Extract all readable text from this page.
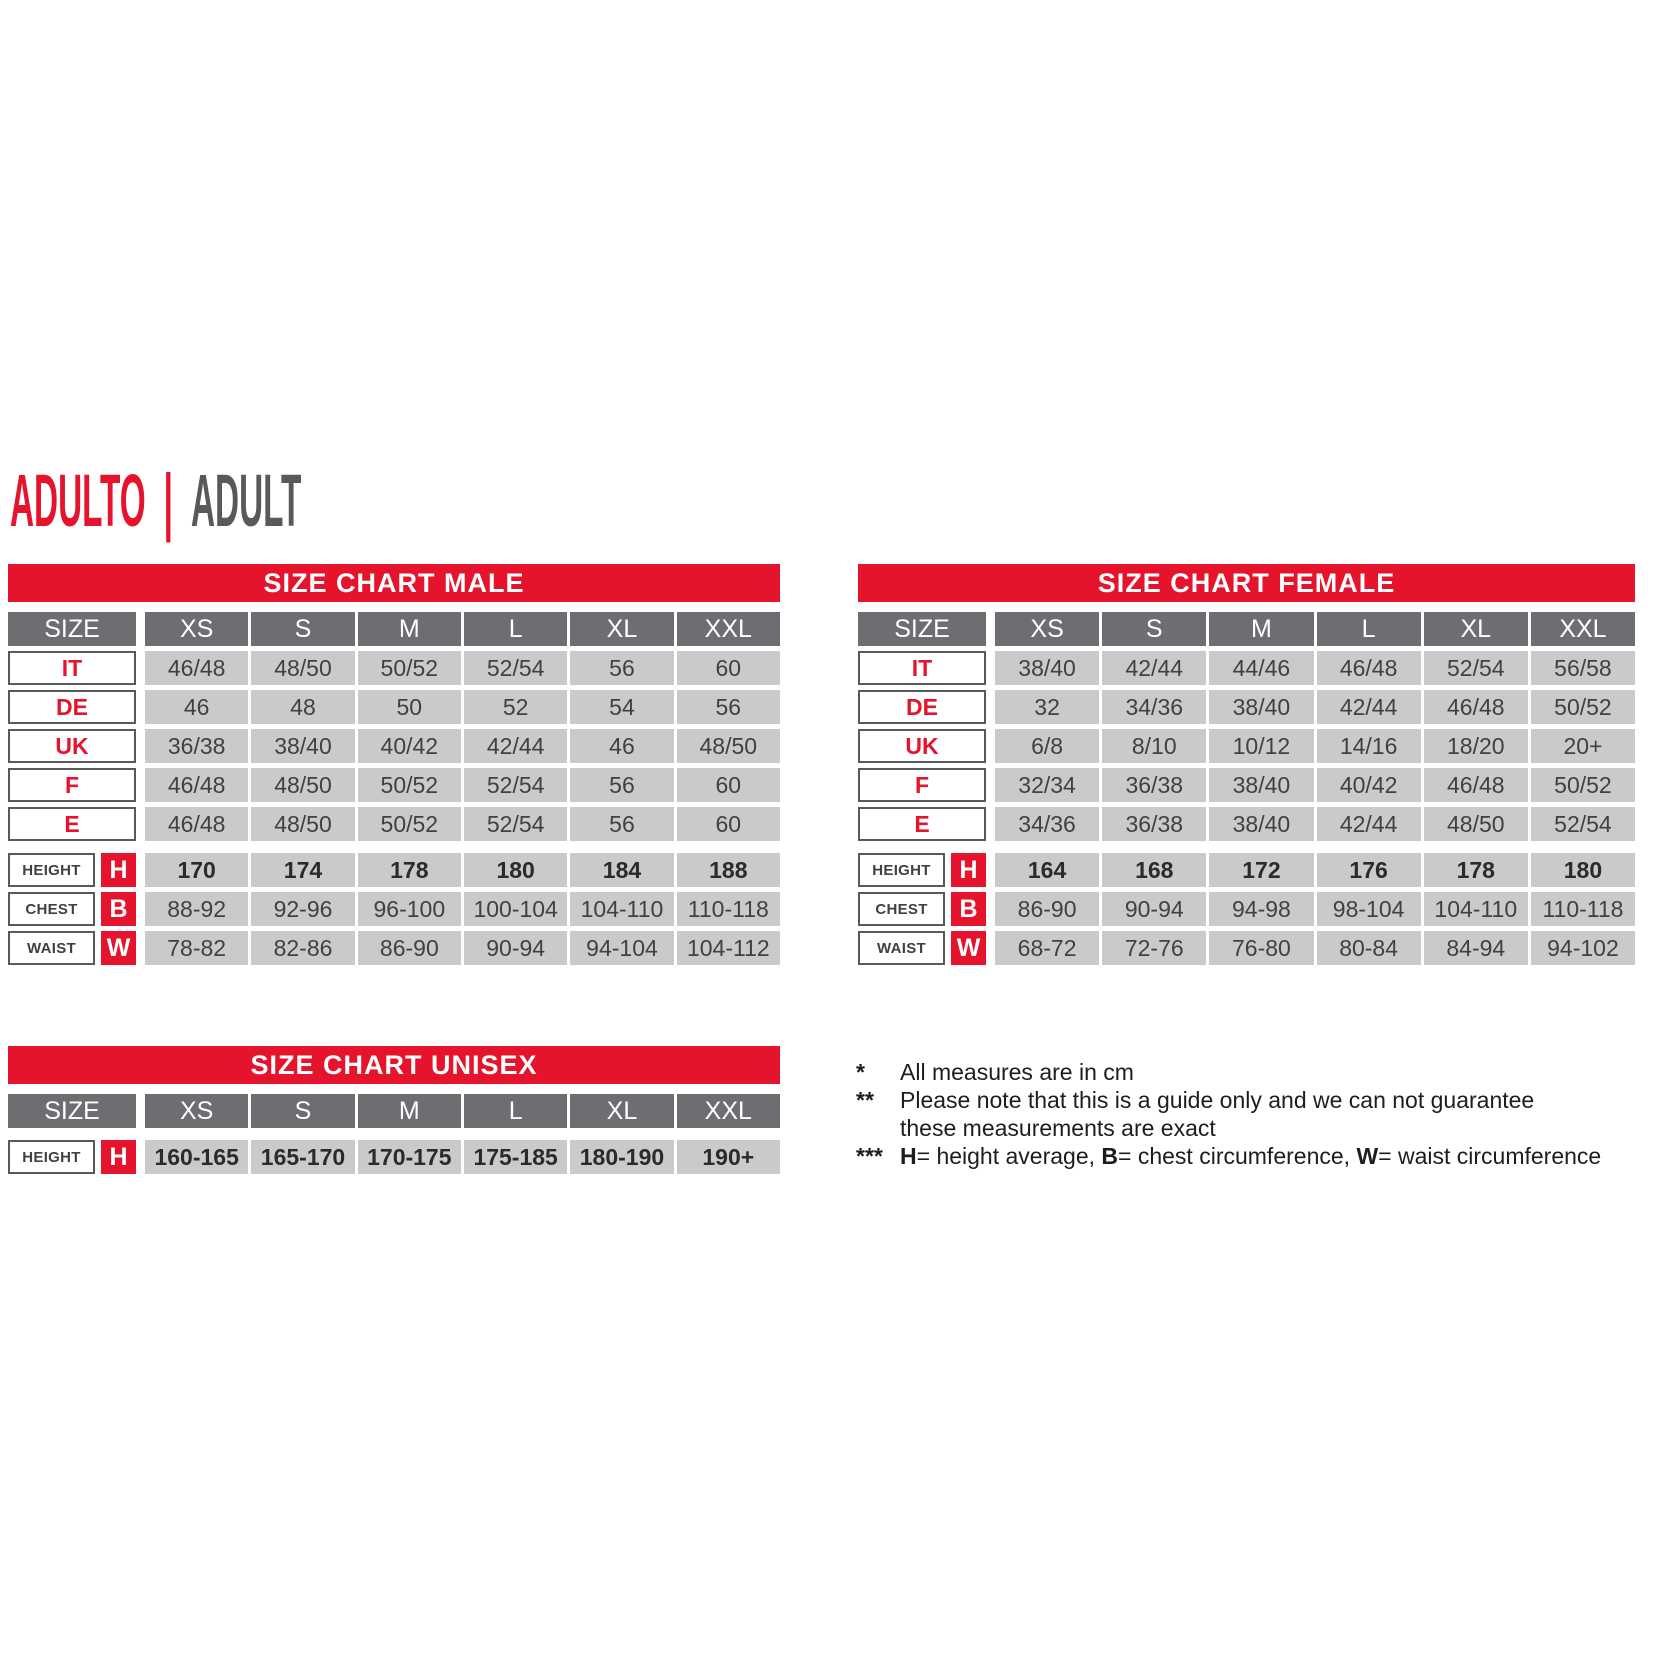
ADULTO | ADULT
SIZE CHART MALE
SIZE	XS	S	M	L	XL	XXL
IT	46/48	48/50	50/52	52/54	56	60
DE	46	48	50	52	54	56
UK	36/38	38/40	40/42	42/44	46	48/50
F	46/48	48/50	50/52	52/54	56	60
E	46/48	48/50	50/52	52/54	56	60
HEIGHT	H	170	174	178	180	184	188
CHEST	B	88-92	92-96	96-100	100-104 104-110	110-118
WAIST	W	78-82	82-86	86-90	90-94	94-104	104-112
SIZE CHART FEMALE
SIZE	XS	S	M	L	XL	XXL
IT	38/40	42/44	44/46	46/48	52/54	56/58
DE	32	34/36	38/40	42/44	46/48	50/52
UK	6/8	8/10	10/12	14/16	18/20	20+
F	32/34	36/38	38/40	40/42	46/48	50/52
E	34/36	36/38	38/40	42/44	48/50	52/54
HEIGHT	H	164	168	172	176	178	180
CHEST	B	86-90	90-94	94-98	98-104	104-110	110-118
WAIST	W	68-72	72-76	76-80	80-84	84-94	94-102
SIZE CHART UNISEX
SIZE	XS	S	M	L	XL	XXL
HEIGHT	H	160-165 165-170 170-175 175-185 180-190	190+
*	All measures are in cm
**	Please note that this is a guide only and we can not guarantee
these measurements are exact
*** H= height average, B= chest circumference, W= waist circumference
